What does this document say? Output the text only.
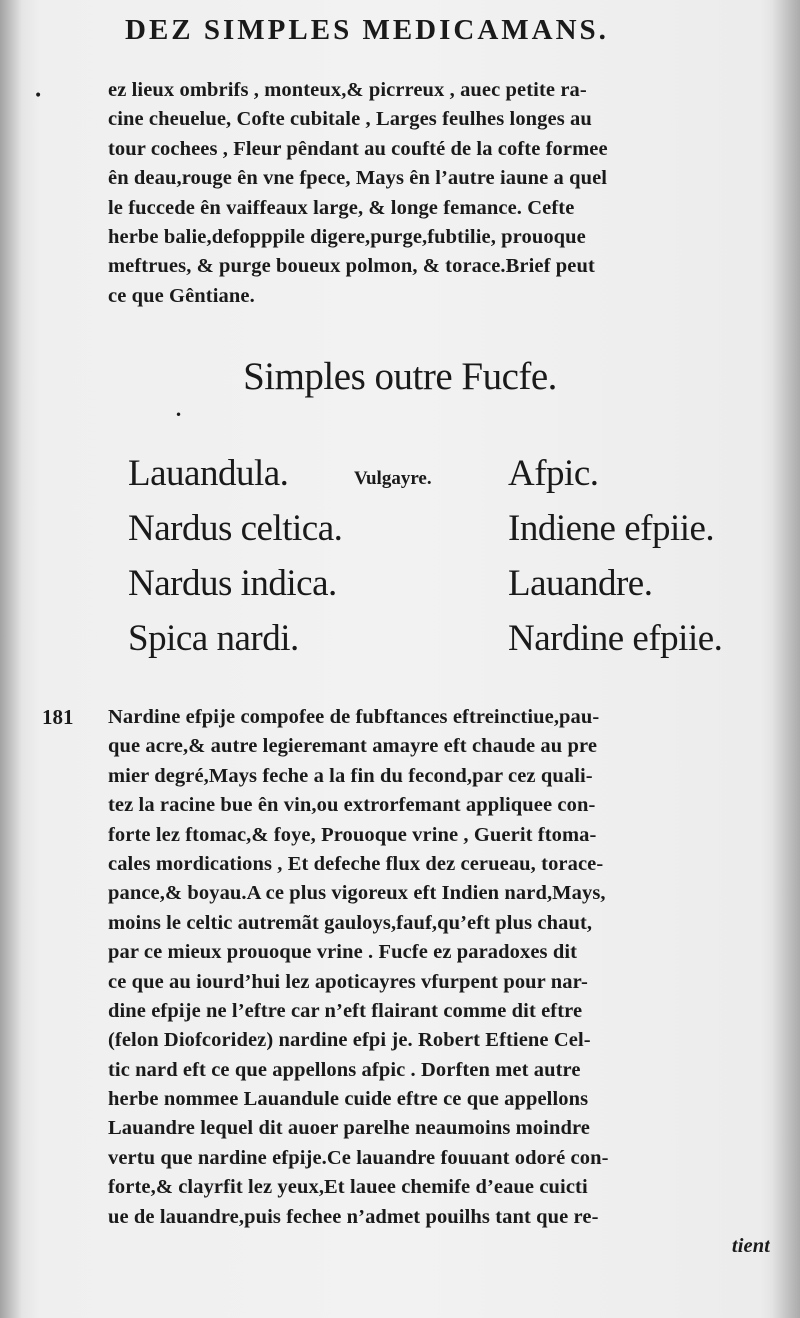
DEZ SIMPLES MEDICAMANS.
•	ez lieux ombrifs , monteux,& picrreux , auec petite ra-
cine cheuelue, Cofte cubitale , Larges feulhes longes au
tour cochees , Fleur pêndant au coufté de la cofte formee
ên deau,rouge ên vne fpece, Mays ên l’autre iaune a quel
le fuccede ên vaiffeaux large, & longe femance. Cefte
herbe balie,defopppile digere,purge,fubtilie, prouoque
meftrues, & purge boueux polmon, & torace.Brief peut
ce que Gêntiane.
Simples outre Fucfe.
•
Lauandula.	Vulgayre. Afpic.
Nardus celtica.	Indiene efpiie.
Nardus indica.	Lauandre.
Spica nardi.	Nardine efpiie.
181 Nardine efpije compofee de fubftances eftreinctiue,pau-
que acre,& autre legieremant amayre eft chaude au pre
mier degré,Mays feche a la fin du fecond,par cez quali-
tez la racine bue ên vin,ou extrorfemant appliquee con-
forte lez ftomac,& foye, Prouoque vrine , Guerit ftoma-
cales mordications , Et defeche flux dez cerueau, torace-
pance,& boyau.A ce plus vigoreux eft Indien nard,Mays,
moins le celtic autremãt gauloys,fauf,qu’eft plus chaut,
par ce mieux prouoque vrine . Fucfe ez paradoxes dit
ce que au iourd’hui lez apoticayres vfurpent pour nar-
dine efpije ne l’eftre car n’eft flairant comme dit eftre
(felon Diofcoridez) nardine efpi je. Robert Eftiene Cel-
tic nard eft ce que appellons afpic . Dorften met autre
herbe nommee Lauandule cuide eftre ce que appellons
Lauandre lequel dit auoer parelhe neaumoins moindre
vertu que nardine efpije.Ce lauandre fouuant odoré con-
forte,& clayrfit lez yeux,Et lauee chemife d’eaue cuicti
ue de lauandre,puis fechee n’admet pouilhs tant que re-
tient
